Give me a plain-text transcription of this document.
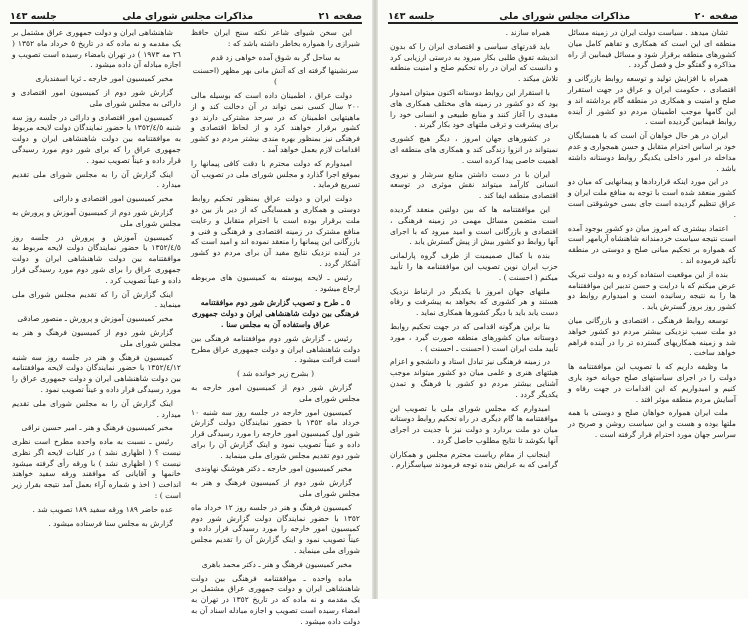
صفحه ٢١
مذاكرات مجلس شوراى ملى
جلسه ١٤٣

این سخن شیوای شاعر نکته سنج ایران حافظ شیرازی را همواره بخاطر داشته باشد که :

به ساحل گر به شوق آمده خواهی زد قدم

سرنشینها گرفته ای که آتش مانی بهر مظهر (احسنت )

دولت عراق ، اطمینان داده است که بوسیله مالی ٢٠٠ سال کسی نمی تواند در آن دخالت کند و از ماهیتهایی اطمینان که در سرحد مشترکی دارند دو کشور برقرار خواهند کرد و از لحاظ اقتصادی و فرهنگی نیز بمنظور بهره مندی بیشتر مردم دو کشور اقدامات لازم بعمل خواهد آمد .

امیدوارم که دولت محترم با دقت کافی پیمانها را بموقع اجرا گذارد و مجلس شورای ملی در تصویب آن تسریع فرماید .

دولت ایران و دولت عراق بمنظور تحکیم روابط دوستی و همکاری و همسایگی که از دیر باز بین دو ملت برقرار بوده است با احترام متقابل و رعایت منافع مشترک در زمینه اقتصادی و فرهنگی و فنی و بازرگانی این پیمانها را منعقد نموده اند و امید است که در آینده نزدیک نتایج مفید آن برای مردم دو کشور آشکار گردد .

رئیس ـ لایحه پیوسته به کمیسیون های مربوطه ارجاع میشود .

٥ ـ طرح و تصویب گزارش شور دوم موافقتنامه فرهنگی بین دولت شاهنشاهی ایران و دولت جمهوری عراق واستفاده آن به مجلس سنا .

رئیس ـ گزارش شور دوم موافقتنامه فرهنگی بین دولت شاهنشاهی ایران و دولت جمهوری عراق مطرح است قرائت میشود .

( بشرح زیر خوانده شد )

گزارش شور دوم از کمیسیون امور خارجه به مجلس شورای ملی

کمیسیون امور خارجه در جلسه روز سه شنبه ١٠ خرداد ماه ١٣٥٢ با حضور نمایندگان دولت گزارش شور اول کمیسیون امور خارجه را مورد رسیدگی قرار داده و عیناً تصویب نمود و اینک گزارش آن را برای شور دوم تقدیم مجلس شورای ملی مینماید .

مخبر کمیسیون امور خارجه ـ دکتر هوشنگ نهاوندی

گزارش شور دوم از کمیسیون فرهنگ و هنر به مجلس شورای ملی

کمیسیون فرهنگ و هنر در جلسه روز ١٢ خرداد ماه ١٣٥٢ با حضور نمایندگان دولت گزارش شور دوم کمیسیون امور خارجه را مورد رسیدگی قرار داده و عیناً تصویب نمود و اینک گزارش آن را تقدیم مجلس شورای ملی مینماید .

مخبر کمیسیون فرهنگ و هنر ـ دکتر محمد باهری

ماده واحده ـ موافقتنامه فرهنگی بین دولت شاهنشاهی ایران و دولت جمهوری عراق مشتمل بر یک مقدمه و نه ماده که در تاریخ ١٣٥٢ در تهران به امضاء رسیده است تصویب و اجازه مبادله اسناد آن به دولت داده میشود .

شاهنشاهی ایران و دولت جمهوری عراق مشتمل بر یک مقدمه و نه ماده که در تاریخ ٥ خرداد ماه ١٣٥٢ ( ٢٦ مه ١٩٧٣ ) در تهران بامضاء رسیده است تصویب و اجازه مبادله آن داده میشود .

مخبر کمیسیون امور خارجه ـ ثریا اسفندیاری

گزارش شور دوم از کمیسیون امور اقتصادی و دارائی به مجلس شورای ملی

کمیسیون امور اقتصادی و دارائی در جلسه روز سه شنبه ١٣٥٢/٤/٥ با حضور نمایندگان دولت لایحه مربوط به موافقتنامه بین دولت شاهنشاهی ایران و دولت جمهوری عراق را که برای شور دوم مورد رسیدگی قرار داده و عیناً تصویب نمود .

اینک گزارش آن را به مجلس شورای ملی تقدیم میدارد .

مخبر کمیسیون امور اقتصادی و دارائی

گزارش شور دوم از کمیسیون آموزش و پرورش به مجلس شورای ملی

کمیسیون آموزش و پرورش در جلسه روز ١٣٥٢/٤/٥ با حضور نمایندگان دولت لایحه مربوط به موافقتنامه بین دولت شاهنشاهی ایران و دولت جمهوری عراق را برای شور دوم مورد رسیدگی قرار داده و عیناً تصویب کرد .

اینک گزارش آن را که تقدیم مجلس شورای ملی مینماید .

مخبر کمیسیون آموزش و پرورش ـ منصور صادقی

گزارش شور دوم از کمیسیون فرهنگ و هنر به مجلس شورای ملی

کمیسیون فرهنگ و هنر در جلسه روز سه شنبه ١٣٥٢/٤/١٢ با حضور نمایندگان دولت لایحه موافقتنامه بین دولت شاهنشاهی ایران و دولت جمهوری عراق را مورد رسیدگی قرار داده و عیناً تصویب نمود .

اینک گزارش آن را به مجلس شورای ملی تقدیم میدارد .

مخبر کمیسیون فرهنگ و هنر ـ امیر حسین نراقی

رئیس ـ نسبت به ماده واحده مطرح است نظری نیست ؟ ( اظهاری نشد ) در کلیات لایحه اگر نظری نیست ؟ ( اظهاری نشد ) با ورقه رأی گرفته میشود خانمها و آقایانی که موافقند ورقه سفید خواهند انداخت ( اخذ و شماره آراء بعمل آمد نتیجه بقرار زیر است ) :

عده حاضر ١٨٩ ورقه سفید ١٨٩ تصویب شد .

گزارش به مجلس سنا فرستاده میشود .

صفحه ٢٠
مذاكرات مجلس شوراى ملى
جلسه ١٤٣

تشان میدهد . سیاست دولت ایران در زمینه مسائل منطقه ای این است که همکاری و تفاهم کامل میان کشورهای منطقه برقرار شود و مسائل فیمابین از راه مذاکره و گفتگو حل و فصل گردد .

همراه با افزایش تولید و توسعه روابط بازرگانی و اقتصادی ، حکومت ایران و عراق در جهت استقرار صلح و امنیت و همکاری در منطقه گام برداشته اند و این گامها موجب اطمینان مردم دو کشور از آینده روابط فیمابین گردیده است .

ایران در هر حال خواهان آن است که با همسایگان خود بر اساس احترام متقابل و حسن همجواری و عدم مداخله در امور داخلی یکدیگر روابط دوستانه داشته باشد .

در این مورد اینکه قراردادها و پیمانهایی که میان دو کشور منعقد شده است با توجه به منافع ملت ایران و عراق تنظیم گردیده است جای بسی خوشوقتی است .

اعتماد بیشتری که امروز میان دو کشور بوجود آمده است نتیجه سیاست خردمندانه شاهنشاه آریامهر است که همواره بر تحکیم مبانی صلح و دوستی در منطقه تأکید فرموده اند .

بنده از این موقعیت استفاده کرده و به دولت تبریک عرض میکنم که با درایت و حسن تدبیر این موافقتنامه ها را به نتیجه رسانیده است و امیدوارم روابط دو کشور روز بروز گسترش یابد .

توسعه روابط فرهنگی ، اقتصادی و بازرگانی میان دو ملت سبب نزدیکی بیشتر مردم دو کشور خواهد شد و زمینه همکاریهای گسترده تر را در آینده فراهم خواهد ساخت .

ما وظیفه داریم که با تصویب این موافقتنامه ها دولت را در اجرای سیاستهای صلح جویانه خود یاری کنیم و امیدواریم که این اقدامات در جهت رفاه و آسایش مردم منطقه موثر افتد .

ملت ایران همواره خواهان صلح و دوستی با همه ملتها بوده و هست و این سیاست روشن و صریح در سراسر جهان مورد احترام قرار گرفته است .

همراه سازند .

باید قدرتهای سیاسی و اقتصادی ایران را که بدون اندیشه تفوق طلبی بکار میرود به درستی ارزیابی کرد و دانست که ایران در راه تحکیم صلح و امنیت منطقه تلاش میکند .

با استقرار این روابط دوستانه اکنون میتوان امیدوار بود که دو کشور در زمینه های مختلف همکاری های مفیدی را آغاز کنند و منابع طبیعی و انسانی خود را برای پیشرفت و ترقی ملتهای خود بکار گیرند .

در کشورهای جهان امروز ، دیگر هیچ کشوری نمیتواند در انزوا زندگی کند و همکاری های منطقه ای اهمیت خاصی پیدا کرده است .

ایران با در دست داشتن منابع سرشار و نیروی انسانی کارآمد میتواند نقش موثری در توسعه اقتصادی منطقه ایفا کند .

این موافقتنامه ها که بین دولتین منعقد گردیده است متضمن مسائل مهمی در زمینه فرهنگی ، اقتصادی و بازرگانی است و امید میرود که با اجرای آنها روابط دو کشور بیش از پیش گسترش یابد .

بنده با کمال صمیمیت از طرف گروه پارلمانی حزب ایران نوین تصویب این موافقتنامه ها را تأیید میکنم ( احسنت ) .

ملتهای جهان امروز با یکدیگر در ارتباط نزدیک هستند و هر کشوری که بخواهد به پیشرفت و رفاه دست یابد باید با دیگر کشورها همکاری نماید .

بنا براین هرگونه اقدامی که در جهت تحکیم روابط دوستانه میان کشورهای منطقه صورت گیرد ، مورد تأیید ملت ایران است ( احسنت ـ احسنت ) .

در زمینه فرهنگی نیز تبادل استاد و دانشجو و اعزام هیئتهای هنری و علمی میان دو کشور میتواند موجب آشنایی بیشتر مردم دو کشور با فرهنگ و تمدن یکدیگر گردد .

امیدوارم که مجلس شورای ملی با تصویب این موافقتنامه ها گام دیگری در راه تحکیم روابط دوستانه میان دو ملت بردارد و دولت نیز با جدیت در اجرای آنها بکوشد تا نتایج مطلوب حاصل گردد .

اینجانب از مقام ریاست محترم مجلس و همکاران گرامی که به عرایض بنده توجه فرمودند سپاسگزارم .
